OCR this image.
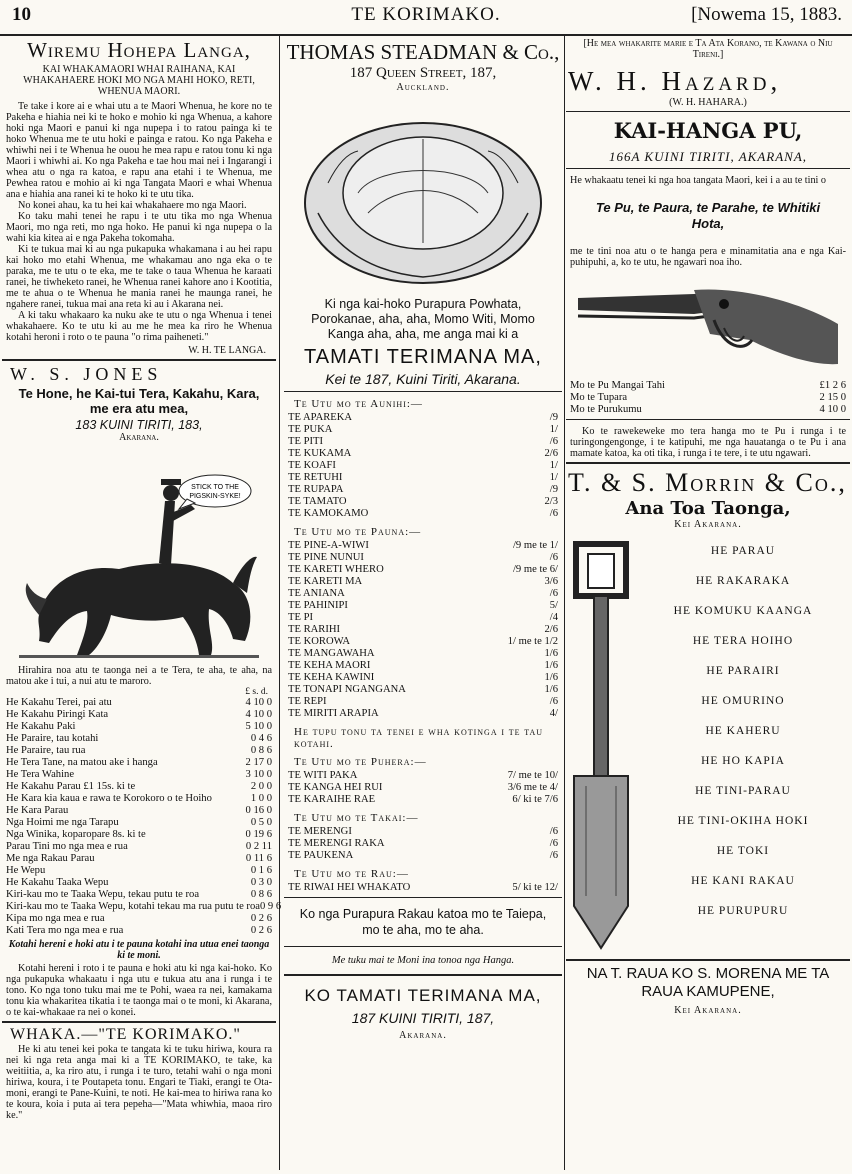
10	TE KORIMAKO.	[Nowema 15, 1883.

Wiremu Hohepa Langa,

KAI WHAKAMAORI WHAI RAIHANA, KAI WHAKAHAERE HOKI MO NGA MAHI HOKO, RETI, WHENUA MAORI.

Te take i kore ai e whai utu a te Maori Whenua, he kore no te Pakeha e hiahia nei ki te hoko e mohio ki nga Whenua, a kahore hoki nga Maori e panui ki nga nupepa i to ratou painga ki te hoko Whenua me te utu hoki e painga e ratou. Ko nga Pakeha e whiwhi nei i te Whenua he ouou he mea rapu e ratou tonu ki nga Maori i whiwhi ai. Ko nga Pakeha e tae hou mai nei i Ingarangi i whea atu o nga ra katoa, e rapu ana etahi i te Whenua, me Pewhea ratou e mohio ai ki nga Tangata Maori e whai Whenua ana e hiahia ana ranei ki te hoko ki te utu tika.

No konei ahau, ka tu hei kai whakahaere mo nga Maori.

Ko taku mahi tenei he rapu i te utu tika mo nga Whenua Maori, mo nga reti, mo nga hoko. He panui ki nga nupepa o la wahi kia kitea ai e nga Pakeha tokomaha.

Ki te tukua mai ki au nga pukapuka whakamana i au hei rapu kai hoko mo etahi Whenua, me whakamau ano nga eka o te paraka, me te utu o te eka, me te take o taua Whenua he karaati ranei, he tiwheketo ranei, he Whenua ranei kahore ano i Kootitia, me te ahua o te Whenua he mania ranei he maunga ranei, he ngahere ranei, tukua mai ana reta ki au i Akarana nei.

A ki taku whakaaro ka nuku ake te utu o nga Whenua i tenei whakahaere. Ko te utu ki au me he mea ka riro he Whenua kotahi heroni i roto o te pauna "o rima paiheneti."

W. H. TE LANGA.

W. S. JONES

Te Hone, he Kai-tui Tera, Kakahu, Kara, me era atu mea,

183 KUINI TIRITI, 183,

Akarana.

STICK TO THE
PIGSKIN-SYKE!

Hirahira noa atu te taonga nei a te Tera, te aha, te aha, na matou ake i tui, a nui atu te maroro.

£ s. d.

He Kakahu Terei, pai atu	4 10 0
He Kakahu Piringi Kata	4 10 0
He Kakahu Paki	5 10 0
He Paraire, tau kotahi	0 4 6
He Paraire, tau rua	0 8 6
He Tera Tane, na matou ake i hanga	2 17 0
He Tera Wahine	3 10 0
He Kakahu Parau £1 15s. ki te	2 0 0
He Kara kia kaua e rawa te Korokoro o te Hoiho	1 0 0
He Kara Parau	0 16 0
Nga Hoimi me nga Tarapu	0 5 0
Nga Winika, koparopare 8s. ki te	0 19 6
Parau Tini mo nga mea e rua	0 2 11
Me nga Rakau Parau	0 11 6
He Wepu	0 1 6
He Kakahu Taaka Wepu	0 3 0
Kiri-kau mo te Taaka Wepu, tekau putu te roa	0 8 6
Kiri-kau mo te Taaka Wepu, kotahi tekau ma rua putu te roa 0 9 6
Kipa mo nga mea e rua	0 2 6
Kati Tera mo nga mea e rua	0 2 6

Kotahi hereni e hoki atu i te pauna kotahi ina utua enei taonga ki te moni.

Kotahi hereni i roto i te pauna e hoki atu ki nga kai-hoko. Ko nga pukapuka whakaatu i nga utu e tukua atu ana i runga i te tono. Ko nga tono tuku mai me te Pohi, waea ra nei, kamakama tonu kia whakaritea tikatia i te taonga mai o te moni, ki Akarana, o te kai-whakaae ra nei o konei.

WHAKA.—"TE KORIMAKO."

He ki atu tenei kei poka te tangata ki te tuku hiriwa, koura ra nei ki nga reta anga mai ki a TE KORIMAKO, te take, ka weitiitia, a, ka riro atu, i runga i te turo, tetahi wahi o nga moni hiriwa, koura, i te Poutapeta tonu. Engari te Tiaki, erangi te Ota-moni, erangi te Pane-Kuini, te noti. He kai-mea to hiriwa rana ko te koura, koia i puta ai tera pepeha—"Mata whiwhia, maoa riro ke."

THOMAS STEADMAN & Co.,

187 Queen Street, 187,

Auckland.

Ki nga kai-hoko Purapura Powhata, Porokanae, aha, aha, Momo Witi, Momo Kanga aha, aha, me anga mai ki a

TAMATI TERIMANA MA,

Kei te 187, Kuini Tiriti, Akarana.

Te Utu mo te Aunihi:—

TE APAREKA	/9
TE PUKA	1/
TE PITI	/6
TE KUKAMA	2/6
TE KOAFI	1/
TE RETUHI	1/
TE RUPAPA	/9
TE TAMATO	2/3
TE KAMOKAMO	/6

Te Utu mo te Pauna:—

TE PINE-A-WIWI	/9 me te 1/
TE PINE NUNUI	/6
TE KARETI WHERO	/9 me te 6/
TE KARETI MA	3/6
TE ANIANA	/6
TE PAHINIPI	5/
TE PI	/4
TE RARIHI	2/6
TE KOROWA	1/ me te 1/2
TE MANGAWAHA	1/6
TE KEHA MAORI	1/6
TE KEHA KAWINI	1/6
TE TONAPI NGANGANA	1/6
TE REPI	/6
TE MIRITI ARAPIA	4/

He tupu tonu ta tenei e wha kotinga i te tau kotahi.

Te Utu mo te Puhera:—

TE WITI PAKA	7/ me te 10/
TE KANGA HEI RUI	3/6 me te 4/
TE KARAIHE RAE	6/ ki te 7/6

Te Utu mo te Takai:—

TE MERENGI	/6
TE MERENGI RAKA	/6
TE PAUKENA	/6

Te Utu mo te Rau:—

TE RIWAI HEI WHAKATO	5/ ki te 12/

Ko nga Purapura Rakau katoa mo te Taiepa, mo te aha, mo te aha.

Me tuku mai te Moni ina tonoa nga Hanga.

KO TAMATI TERIMANA MA,

187 KUINI TIRITI, 187,

Akarana.

[He mea whakarite marie e Ta Ata Korano, te Kawana o Niu Tireni.]

W. H. Hazard,

(W. H. HAHARA.)

KAI-HANGA PU,

166A KUINI TIRITI, AKARANA,

He whakaatu tenei ki nga hoa tangata Maori, kei i a au te tini o

Te Pu, te Paura, te Parahe, te Whitiki Hota,

me te tini noa atu o te hanga pera e minamitatia ana e nga Kai-puhipuhi, a, ko te utu, he ngawari noa iho.

Mo te Pu Mangai Tahi	£1 2 6
Mo te Tupara	2 15 0
Mo te Purukumu	4 10 0

Ko te rawekeweke mo tera hanga mo te Pu i runga i te turingongengonge, i te katipuhi, me nga hauatanga o te Pu i ana mamate katoa, ka oti tika, i runga i te tere, i te utu ngawari.

T. & S. Morrin & Co.,

Ana Toa Taonga,

Kei Akarana.

HE PARAU

HE RAKARAKA

HE KOMUKU KAANGA

HE TERA HOIHO

HE PARAIRI

HE OMURINO

HE KAHERU

HE HO KAPIA

HE TINI-PARAU

HE TINI-OKIHA HOKI

HE TOKI

HE KANI RAKAU

HE PURUPURU

NA T. RAUA KO S. MORENA ME TA RAUA KAMUPENE,

Kei Akarana.
